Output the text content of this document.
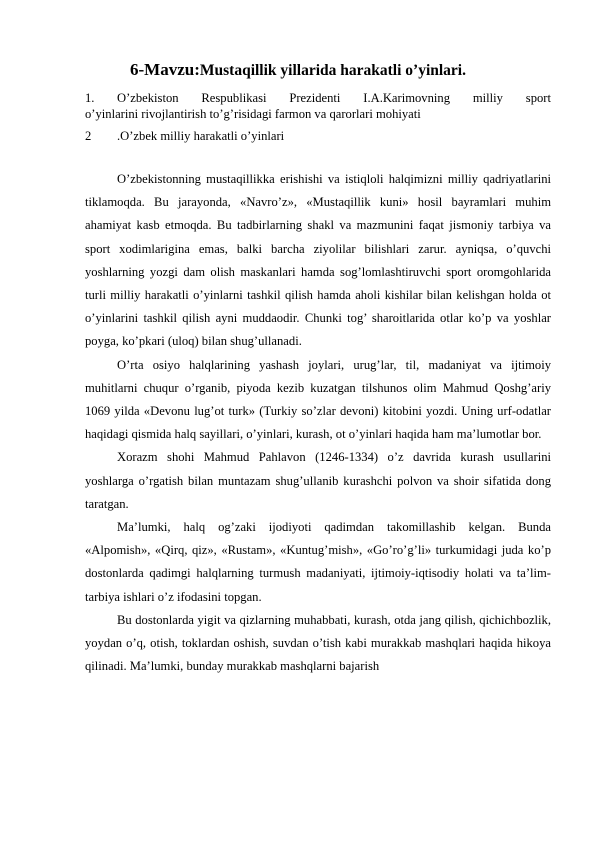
6-Mavzu:Mustaqillik yillarida harakatli o’yinlari.
1. O’zbekiston Respublikasi Prezidenti I.A.Karimovning milliy sport
o’yinlarini rivojlantirish to’g’risidagi farmon va qarorlari mohiyati
2 .O’zbek milliy harakatli o’yinlari

O’zbekistonning mustaqillikka erishishi va istiqloli halqimizni milliy qadriyatlarini tiklamoqda. Bu jarayonda, «Navro’z», «Mustaqillik kuni» hosil bayramlari muhim ahamiyat kasb etmoqda. Bu tadbirlarning shakl va mazmunini faqat jismoniy tarbiya va sport xodimlarigina emas, balki barcha ziyolilar bilishlari zarur. ayniqsa, o’quvchi yoshlarning yozgi dam olish maskanlari hamda sog’lomlashtiruvchi sport oromgohlarida turli milliy harakatli o’yinlarni tashkil qilish hamda aholi kishilar bilan kelishgan holda ot o’yinlarini tashkil qilish ayni muddaodir. Chunki tog’ sharoitlarida otlar ko’p va yoshlar poyga, ko’pkari (uloq) bilan shug’ullanadi.

O’rta osiyo halqlarining yashash joylari, urug’lar, til, madaniyat va ijtimoiy muhitlarni chuqur o’rganib, piyoda kezib kuzatgan tilshunos olim Mahmud Qoshg’ariy 1069 yilda «Devonu lug’ot turk» (Turkiy so’zlar devoni) kitobini yozdi. Uning urf-odatlar haqidagi qismida halq sayillari, o’yinlari, kurash, ot o’yinlari haqida ham ma’lumotlar bor.

Xorazm shohi Mahmud Pahlavon (1246-1334) o’z davrida kurash usullarini yoshlarga o’rgatish bilan muntazam shug’ullanib kurashchi polvon va shoir sifatida dong taratgan.

Ma’lumki, halq og’zaki ijodiyoti qadimdan takomillashib kelgan. Bunda «Alpomish», «Qirq, qiz», «Rustam», «Kuntug’mish», «Go’ro’g’li» turkumidagi juda ko’p dostonlarda qadimgi halqlarning turmush madaniyati, ijtimoiy-iqtisodiy holati va ta’lim-tarbiya ishlari o’z ifodasini topgan.

Bu dostonlarda yigit va qizlarning muhabbati, kurash, otda jang qilish, qichichbozlik, yoydan o’q, otish, toklardan oshish, suvdan o’tish kabi murakkab mashqlari haqida hikoya qilinadi. Ma’lumki, bunday murakkab mashqlarni bajarish
